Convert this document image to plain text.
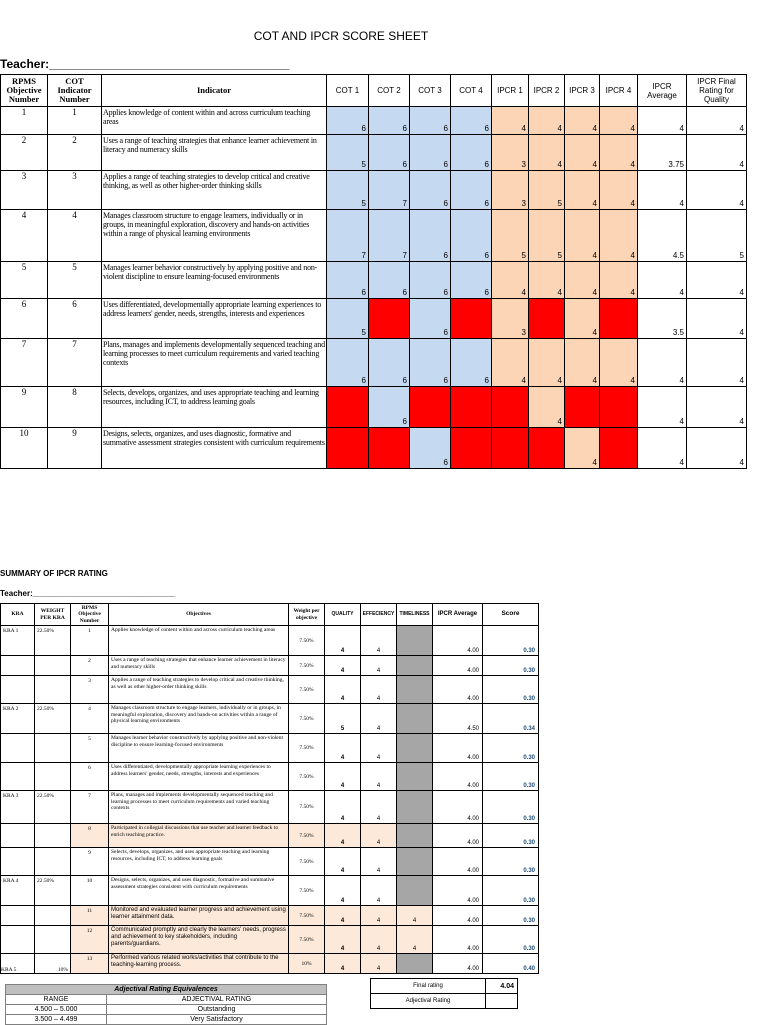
COT AND IPCR SCORE SHEET
Teacher:____________________________________
RPMS Objective Number	COT Indicator Number	Indicator	COT 1	COT 2	COT 3	COT 4	IPCR 1	IPCR 2	IPCR 3	IPCR 4	IPCR Average	IPCR Final Rating for Quality
1	1	Applies knowledge of content within and across curriculum teaching areas	6	6	6	6	4	4	4	4	4	4
2	2	Uses a range of teaching strategies that enhance learner achievement in literacy and numeracy skills	5	6	6	6	3	4	4	4	3.75	4
3	3	Applies a range of teaching strategies to develop critical and creative thinking, as well as other higher-order thinking skills	5	7	6	6	3	5	4	4	4	4
4	4	Manages classroom structure to engage learners, individually or in groups, in meaningful exploration, discovery and hands-on activities within a range of physical learning environments	7	7	6	6	5	5	4	4	4.5	5
5	5	Manages learner behavior constructively by applying positive and non-violent discipline to ensure learning-focused environments	6	6	6	6	4	4	4	4	4	4
6	6	Uses differentiated, developmentally appropriate learning experiences to address learners' gender, needs, strengths, interests and experiences	5		6		3		4		3.5	4
7	7	Plans, manages and implements developmentally sequenced teaching and learning processes to meet curriculum requirements and varied teaching contexts	6	6	6	6	4	4	4	4	4	4
9	8	Selects, develops, organizes, and uses appropriate teaching and learning resources, including ICT, to address learning goals		6				4			4	4
10	9	Designs, selects, organizes, and uses diagnostic, formative and summative assessment strategies consistent with curriculum requirements			6				4		4	4
SUMMARY OF IPCR RATING
Teacher:________________________________
KRA	WEIGHT PER KRA	RPMS Objective Number	Objectives	Weight per objective	QUALITY	EFFECIENCY	TIMELINESS	IPCR Average	Score
KRA 1	22.50%	1	Applies knowledge of content within and across curriculum teaching areas	7.50%	4	4		4.00	0.30
		2	Uses a range of teaching strategies that enhance learner achievement in literacy and numeracy skills	7.50%	4	4		4.00	0.30
		3	Applies a range of teaching strategies to develop critical and creative thinking, as well as other higher-order thinking skills	7.50%	4	4		4.00	0.30
KRA 2	22.50%	4	Manages classroom structure to engage learners, individually or in groups, in meaningful exploration, discovery and hands-on activities within a range of physical learning environments	7.50%	5	4		4.50	0.34
		5	Manages learner behavior constructively by applying positive and non-violent discipline to ensure learning-focused environments	7.50%	4	4		4.00	0.30
		6	Uses differentiated, developmentally appropriate learning experiences to address learners' gender, needs, strengths, interests and experiences	7.50%	4	4		4.00	0.30
KRA 3	22.50%	7	Plans, manages and implements developmentally sequenced teaching and learning processes to meet curriculum requirements and varied teaching contexts	7.50%	4	4		4.00	0.30
		8	Participated in collegial discussions that use teacher and learner feedback to enrich teaching practice.	7.50%	4	4		4.00	0.30
		9	Selects, develops, organizes, and uses appropriate teaching and learning resources, including ICT, to address learning goals	7.50%	4	4		4.00	0.30
KRA 4	22.50%	10	Designs, selects, organizes, and uses diagnostic, formative and summative assessment strategies consistent with curriculum requirements	7.50%	4	4		4.00	0.30
		11	Monitored and evaluated learner progress and achievement using learner attainment data.	7.50%	4	4	4	4.00	0.30
		12	Communicated promptly and clearly the learners' needs, progress and achievement to key stakeholders, including parents/guardians.	7.50%	4	4	4	4.00	0.30
KRA 5	10%	13	Performed various related works/activities that contribute to the teaching-learning process.	10%	4	4		4.00	0.40
Final rating	4.04
Adjectival Rating	
Adjectival Rating Equivalences	
RANGE	ADJECTIVAL RATING
4.500 – 5.000	Outstanding
3.500 – 4.499	Very Satisfactory
